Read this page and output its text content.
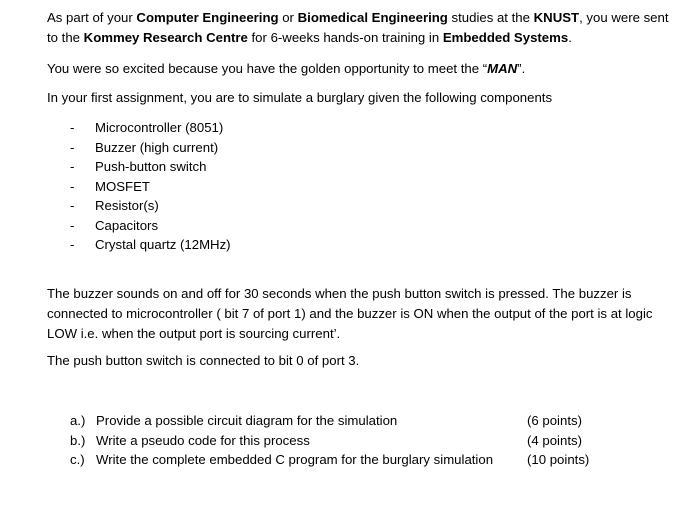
As part of your Computer Engineering or Biomedical Engineering studies at the KNUST, you were sent to the Kommey Research Centre for 6-weeks hands-on training in Embedded Systems.

You were so excited because you have the golden opportunity to meet the “MAN”.

In your first assignment, you are to simulate a burglary given the following components

- Microcontroller (8051)
- Buzzer (high current)
- Push-button switch
- MOSFET
- Resistor(s)
- Capacitors
- Crystal quartz (12MHz)

The buzzer sounds on and off for 30 seconds when the push button switch is pressed. The buzzer is connected to microcontroller ( bit 7 of port 1) and the buzzer is ON when the output of the port is at logic LOW i.e. when the output port is sourcing current’.

The push button switch is connected to bit 0 of port 3.

a.) Provide a possible circuit diagram for the simulation	(6 points)
b.) Write a pseudo code for this process	(4 points)
c.) Write the complete embedded C program for the burglary simulation	(10 points)
